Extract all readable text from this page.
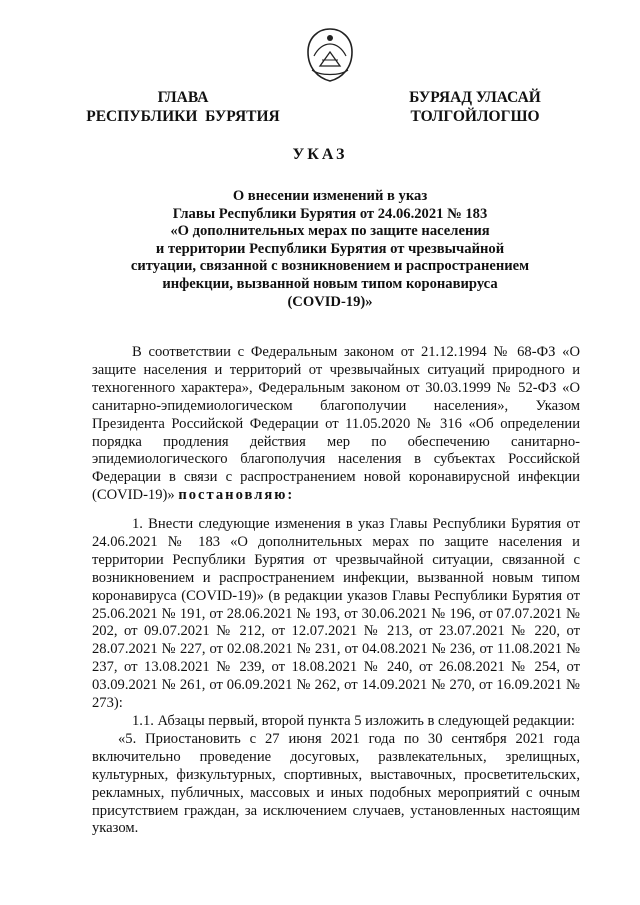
ГЛАВА
РЕСПУБЛИКИ  БУРЯТИЯ
БУРЯАД УЛАСАЙ
ТОЛГОЙЛОГШО
УКАЗ
О внесении изменений в указ
Главы Республики Бурятия от 24.06.2021 № 183
«О дополнительных мерах по защите населения
и территории Республики Бурятия от чрезвычайной
ситуации, связанной с возникновением и распространением
инфекции, вызванной новым типом коронавируса
(COVID-19)»

В соответствии с Федеральным законом от 21.12.1994 № 68-ФЗ «О защите населения и территорий от чрезвычайных ситуаций природного и техногенного характера», Федеральным законом от 30.03.1999 № 52-ФЗ «О санитарно-эпидемиологическом благополучии населения», Указом Президента Российской Федерации от 11.05.2020 № 316 «Об определении порядка продления действия мер по обеспечению санитарно-эпидемиологического благополучия населения в субъектах Российской Федерации в связи с распространением новой коронавирусной инфекции (COVID-19)» постановляю:

1. Внести следующие изменения в указ Главы Республики Бурятия от 24.06.2021 № 183 «О дополнительных мерах по защите населения и территории Республики Бурятия от чрезвычайной ситуации, связанной с возникновением и распространением инфекции, вызванной новым типом коронавируса (COVID-19)» (в редакции указов Главы Республики Бурятия от 25.06.2021 № 191, от 28.06.2021 № 193, от 30.06.2021 № 196, от 07.07.2021 № 202, от 09.07.2021 № 212, от 12.07.2021 № 213, от 23.07.2021 № 220, от 28.07.2021 № 227, от 02.08.2021 № 231, от 04.08.2021 № 236, от 11.08.2021 № 237, от 13.08.2021 № 239, от 18.08.2021 № 240, от 26.08.2021 № 254, от 03.09.2021 № 261, от 06.09.2021 № 262, от 14.09.2021 № 270, от 16.09.2021 № 273):

1.1. Абзацы первый, второй пункта 5 изложить в следующей редакции:

«5. Приостановить с 27 июня 2021 года по 30 сентября 2021 года включительно проведение досуговых, развлекательных, зрелищных, культурных, физкультурных, спортивных, выставочных, просветительских, рекламных, публичных, массовых и иных подобных мероприятий с очным присутствием граждан, за исключением случаев, установленных настоящим указом.
